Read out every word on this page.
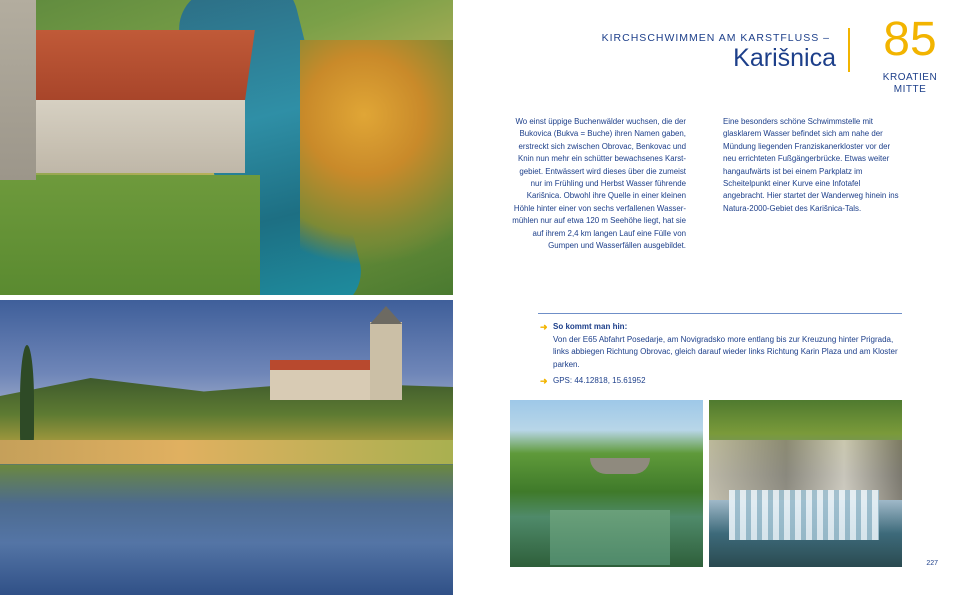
KIRCHSCHWIMMEN AM KARSTFLUSS –
Karišnica 85
KROATIEN
MITTE

Wo einst üppige Buchenwälder wuchsen, die der Bukovica (Bukva = Buche) ihren Namen gaben, erstreckt sich zwischen Obrovac, Benkovac und Knin nun mehr ein schütter bewachsenes Karst-gebiet. Entwässert wird dieses über die zumeist nur im Frühling und Herbst Wasser führende Karišnica. Obwohl ihre Quelle in einer kleinen Höhle hinter einer von sechs verfallenen Wasser-mühlen nur auf etwa 120 m Seehöhe liegt, hat sie auf ihrem 2,4 km langen Lauf eine Fülle von Gumpen und Wasserfällen ausgebildet.

Eine besonders schöne Schwimmstelle mit glasklarem Wasser befindet sich am nahe der Mündung liegenden Franziskanerkloster vor der neu errichteten Fußgängerbrücke. Etwas weiter hangaufwärts ist bei einem Parkplatz im Scheitelpunkt einer Kurve eine Infotafel angebracht. Hier startet der Wanderweg hinein ins Natura-2000-Gebiet des Karišnica-Tals.

➜ So kommt man hin:
Von der E65 Abfahrt Posedarje, am Novigradsko more entlang bis zur Kreuzung hinter Prigrada, links abbiegen Richtung Obrovac, gleich darauf wieder links Richtung Karin Plaza und am Kloster parken.
➜ GPS: 44.12818, 15.61952
227
